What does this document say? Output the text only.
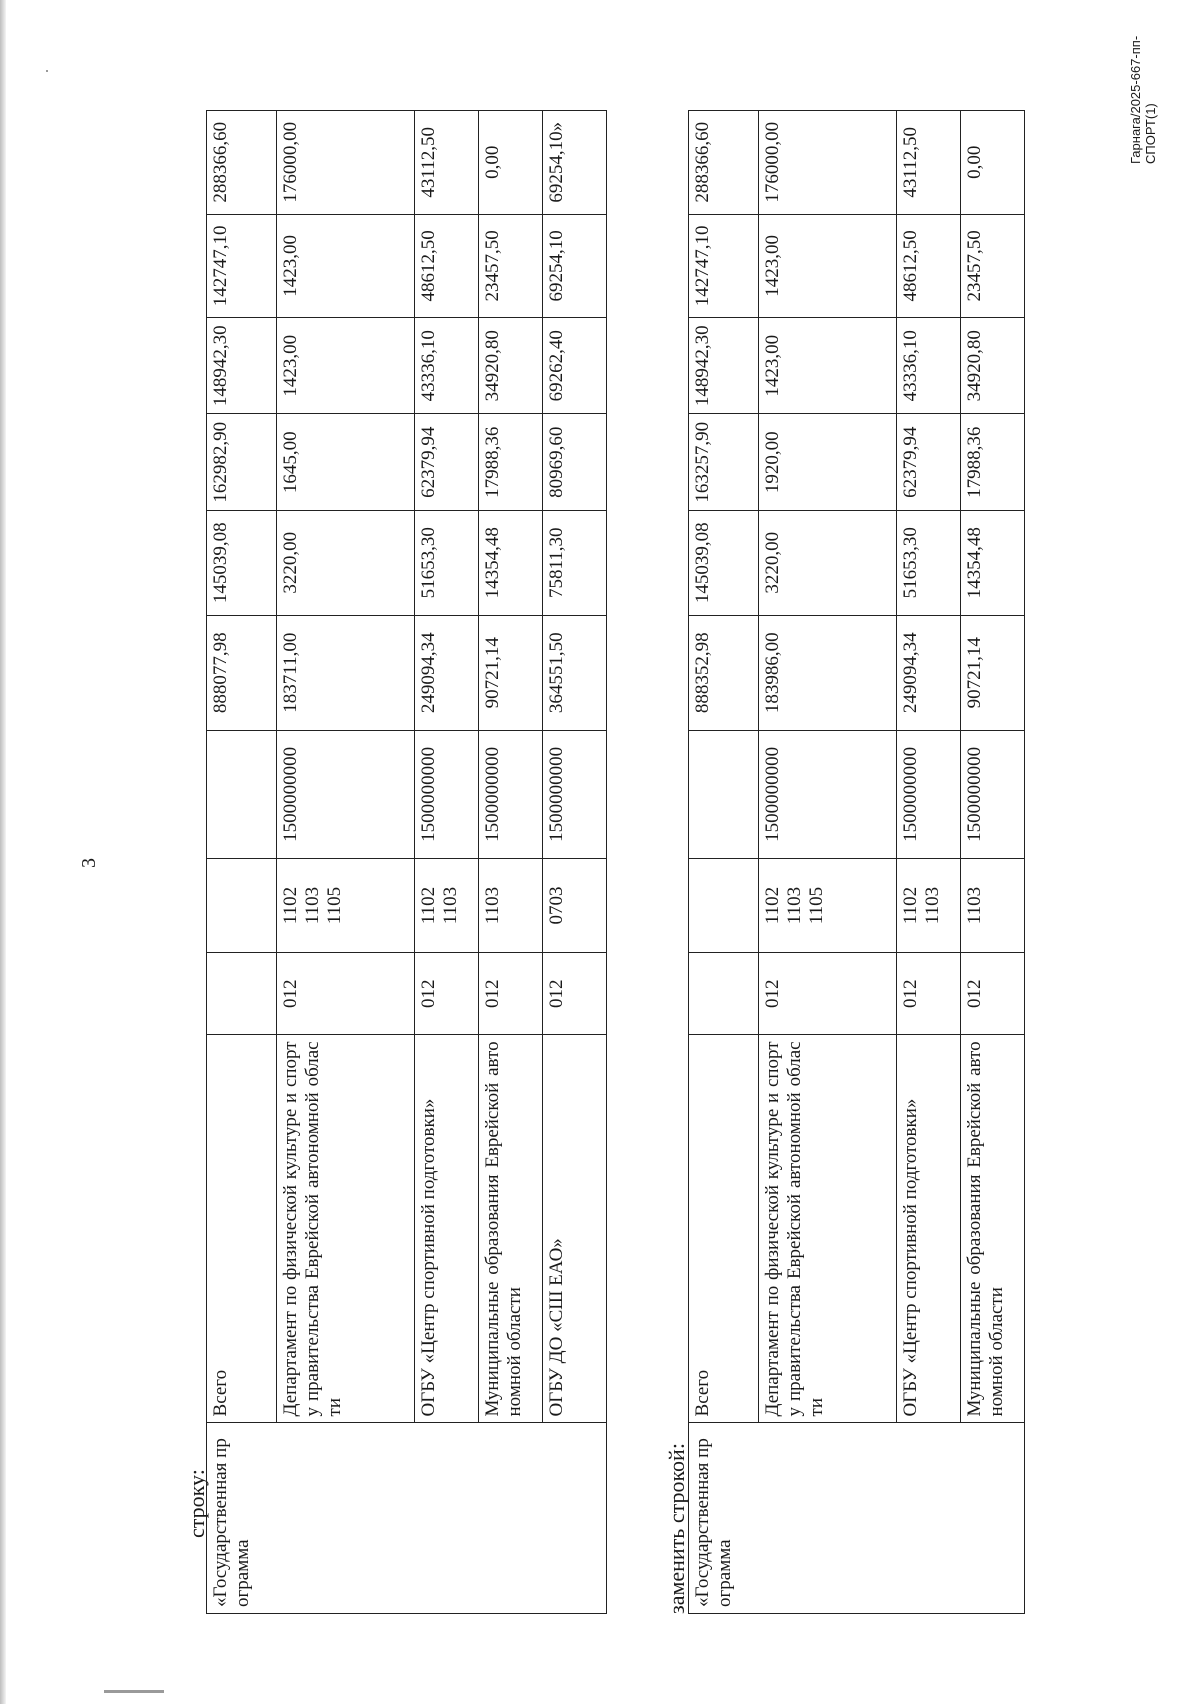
3
строку: «Государственная программа	Всего				888077,98	145039,08	162982,90	148942,30	142747,10	288366,60
	Департамент по физической культуре и спорту правительства Еврейской автономной области	012	1102
1103
1105	1500000000	183711,00	3220,00	1645,00	1423,00	1423,00	176000,00
	ОГБУ «Центр спортивной подготовки»	012	1102
1103	1500000000	249094,34	51653,30	62379,94	43336,10	48612,50	43112,50
	Муниципальные образования Еврейской автономной области	012	1103	1500000000	90721,14	14354,48	17988,36	34920,80	23457,50	0,00
	ОГБУ ДО «СШ ЕАО»	012	0703	1500000000	364551,50	75811,30	80969,60	69262,40	69254,10	69254,10»
заменить строкой: «Государственная программа	Всего				888352,98	145039,08	163257,90	148942,30	142747,10	288366,60
	Департамент по физической культуре и спорту правительства Еврейской автономной области	012	1102
1103
1105	1500000000	183986,00	3220,00	1920,00	1423,00	1423,00	176000,00
	ОГБУ «Центр спортивной подготовки»	012	1102
1103	1500000000	249094,34	51653,30	62379,94	43336,10	48612,50	43112,50
	Муниципальные образования Еврейской автономной области	012	1103	1500000000	90721,14	14354,48	17988,36	34920,80	23457,50	0,00	Гарнага/2025-667-пп-СПОРТ(1)
